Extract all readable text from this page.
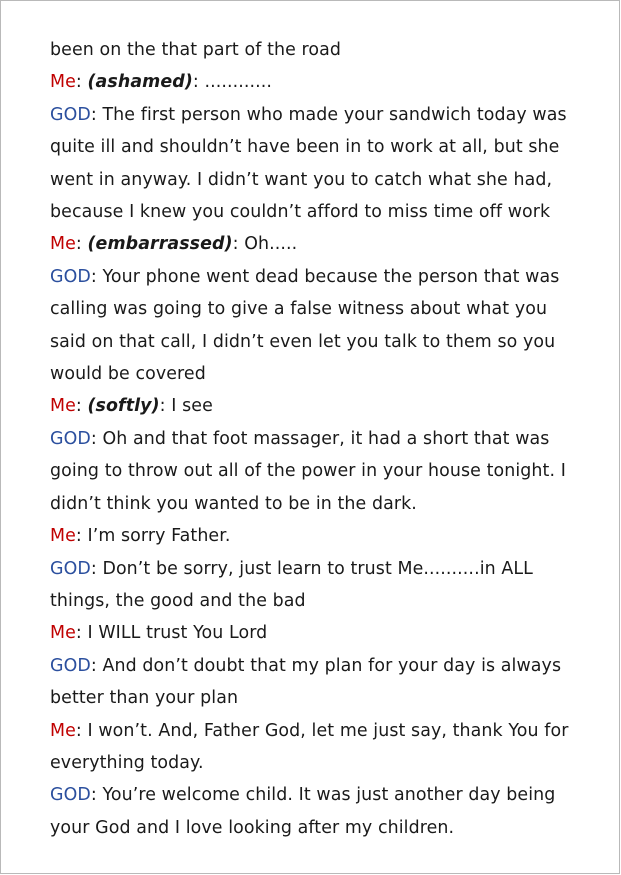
been on the that part of the road

Me: (ashamed): ............

GOD: The first person who made your sandwich today was quite ill and shouldn’t have been in to work at all, but she went in anyway. I didn’t want you to catch what she had, because I knew you couldn’t afford to miss time off work

Me: (embarrassed): Oh.....

GOD: Your phone went dead because the person that was calling was going to give a false witness about what you said on that call, I didn’t even let you talk to them so you would be covered

Me: (softly): I see

GOD: Oh and that foot massager, it had a short that was going to throw out all of the power in your house tonight. I didn’t think you wanted to be in the dark.

Me: I’m sorry Father.

GOD: Don’t be sorry, just learn to trust Me..........in ALL things, the good and the bad

Me: I WILL trust You Lord

GOD: And don’t doubt that my plan for your day is always better than your plan

Me: I won’t. And, Father God, let me just say, thank You for everything today.

GOD: You’re welcome child. It was just another day being your God and I love looking after my children.
